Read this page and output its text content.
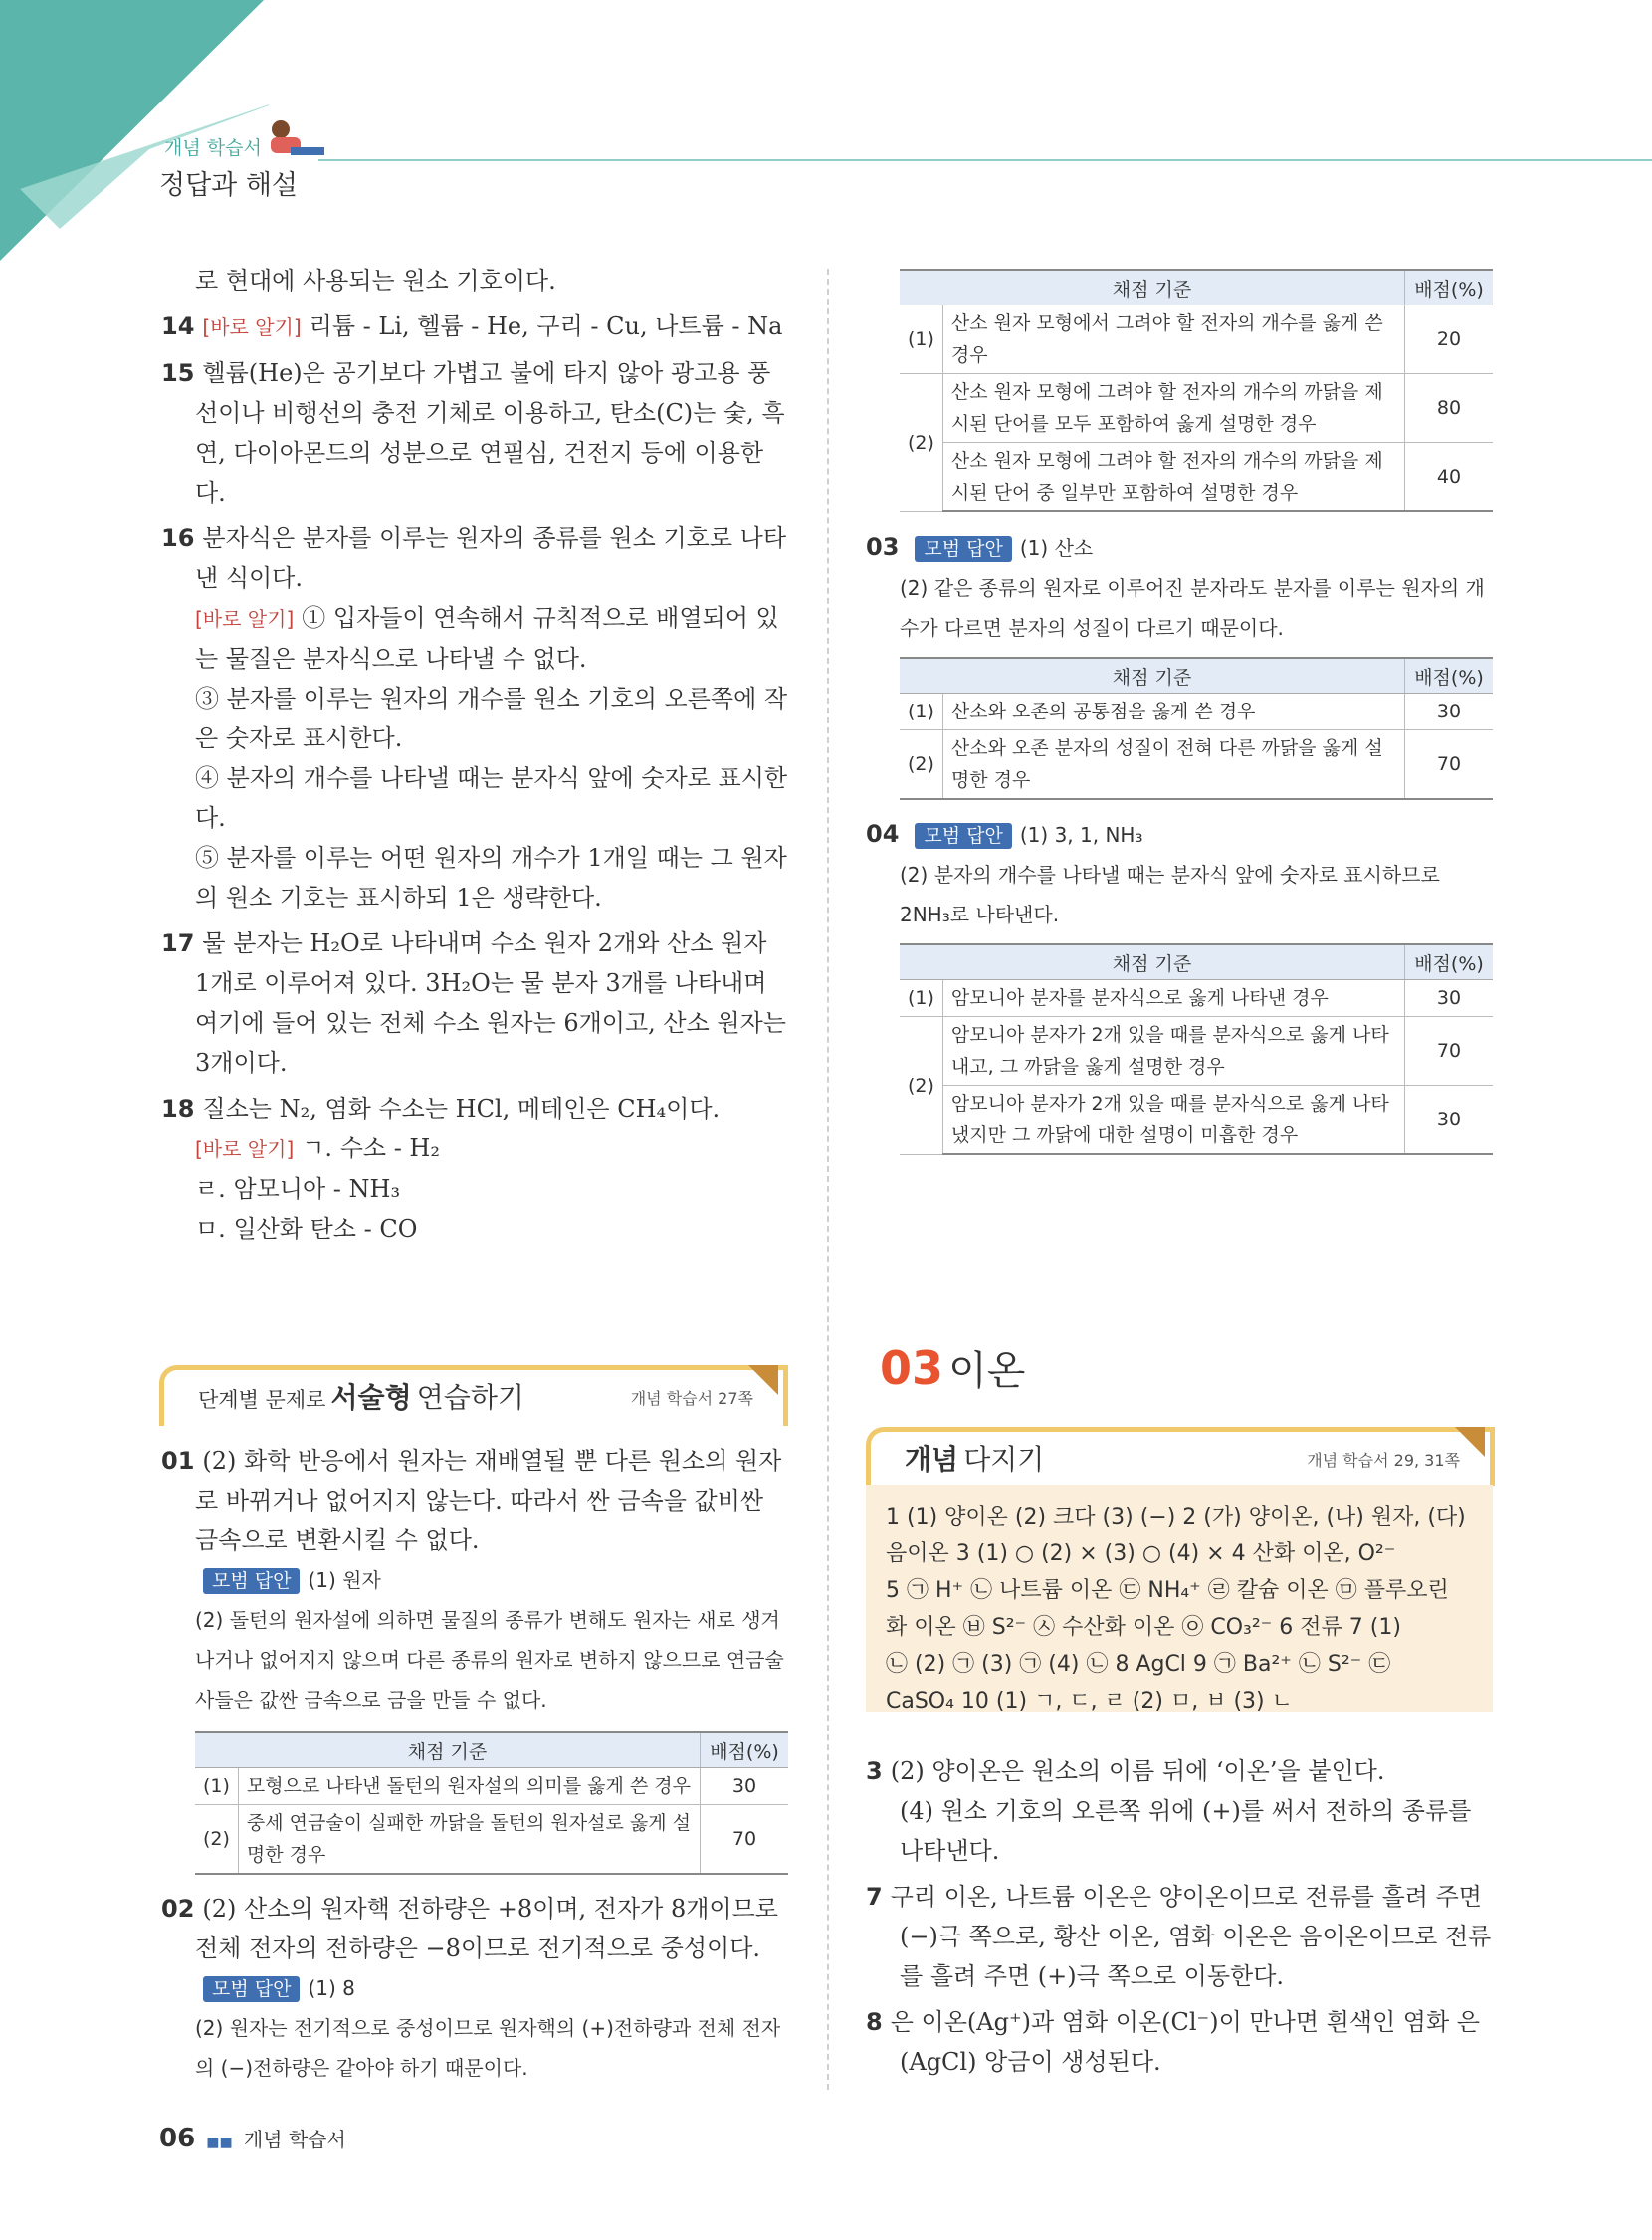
개념 학습서
정답과 해설

로 현대에 사용되는 원소 기호이다.

14 [바로 알기] 리튬 - Li, 헬륨 - He, 구리 - Cu, 나트륨 - Na

15 헬륨(He)은 공기보다 가볍고 불에 타지 않아 광고용 풍선이나 비행선의 충전 기체로 이용하고, 탄소(C)는 숯, 흑연, 다이아몬드의 성분으로 연필심, 건전지 등에 이용한다.

16 분자식은 분자를 이루는 원자의 종류를 원소 기호로 나타낸 식이다.

[바로 알기] ① 입자들이 연속해서 규칙적으로 배열되어 있는 물질은 분자식으로 나타낼 수 없다.

③ 분자를 이루는 원자의 개수를 원소 기호의 오른쪽에 작은 숫자로 표시한다.

④ 분자의 개수를 나타낼 때는 분자식 앞에 숫자로 표시한다.

⑤ 분자를 이루는 어떤 원자의 개수가 1개일 때는 그 원자의 원소 기호는 표시하되 1은 생략한다.

17 물 분자는 H₂O로 나타내며 수소 원자 2개와 산소 원자 1개로 이루어져 있다. 3H₂O는 물 분자 3개를 나타내며 여기에 들어 있는 전체 수소 원자는 6개이고, 산소 원자는 3개이다.

18 질소는 N₂, 염화 수소는 HCl, 메테인은 CH₄이다.

[바로 알기] ㄱ. 수소 - H₂

ㄹ. 암모니아 - NH₃

ㅁ. 일산화 탄소 - CO

단계별 문제로 서술형 연습하기	개념 학습서 27쪽

01 (2) 화학 반응에서 원자는 재배열될 뿐 다른 원소의 원자로 바뀌거나 없어지지 않는다. 따라서 싼 금속을 값비싼 금속으로 변환시킬 수 없다.

모범 답안 (1) 원자

(2) 돌턴의 원자설에 의하면 물질의 종류가 변해도 원자는 새로 생겨나거나 없어지지 않으며 다른 종류의 원자로 변하지 않으므로 연금술사들은 값싼 금속으로 금을 만들 수 없다.

채점 기준		배점(%)
(1)	모형으로 나타낸 돌턴의 원자설의 의미를 옳게 쓴 경우	30
(2)	중세 연금술이 실패한 까닭을 돌턴의 원자설로 옳게 설명한 경우	70

02 (2) 산소의 원자핵 전하량은 +8이며, 전자가 8개이므로 전체 전자의 전하량은 −8이므로 전기적으로 중성이다.

모범 답안 (1) 8

(2) 원자는 전기적으로 중성이므로 원자핵의 (+)전하량과 전체 전자의 (−)전하량은 같아야 하기 때문이다.

채점 기준		배점(%)
(1)	산소 원자 모형에서 그려야 할 전자의 개수를 옳게 쓴 경우	20
(2)	산소 원자 모형에 그려야 할 전자의 개수의 까닭을 제시된 단어를 모두 포함하여 옳게 설명한 경우	80
	산소 원자 모형에 그려야 할 전자의 개수의 까닭을 제시된 단어 중 일부만 포함하여 설명한 경우	40

03 모범 답안 (1) 산소

(2) 같은 종류의 원자로 이루어진 분자라도 분자를 이루는 원자의 개수가 다르면 분자의 성질이 다르기 때문이다.

채점 기준		배점(%)
(1)	산소와 오존의 공통점을 옳게 쓴 경우	30
(2)	산소와 오존 분자의 성질이 전혀 다른 까닭을 옳게 설명한 경우	70

04 모범 답안 (1) 3, 1, NH₃

(2) 분자의 개수를 나타낼 때는 분자식 앞에 숫자로 표시하므로 2NH₃로 나타낸다.

채점 기준		배점(%)
(1)	암모니아 분자를 분자식으로 옳게 나타낸 경우	30
(2)	암모니아 분자가 2개 있을 때를 분자식으로 옳게 나타내고, 그 까닭을 옳게 설명한 경우	70
	암모니아 분자가 2개 있을 때를 분자식으로 옳게 나타냈지만 그 까닭에 대한 설명이 미흡한 경우	30
03 이온
개념 다지기	개념 학습서 29, 31쪽
1 (1) 양이온 (2) 크다 (3) (−) 2 (가) 양이온, (나) 원자, (다)
음이온 3 (1) ○ (2) × (3) ○ (4) × 4 산화 이온, O²⁻
5 ㉠ H⁺ ㉡ 나트륨 이온 ㉢ NH₄⁺ ㉣ 칼슘 이온 ㉤ 플루오린
화 이온 ㉥ S²⁻ ㉦ 수산화 이온 ㉧ CO₃²⁻ 6 전류 7 (1)
㉡ (2) ㉠ (3) ㉠ (4) ㉡ 8 AgCl 9 ㉠ Ba²⁺ ㉡ S²⁻ ㉢
CaSO₄ 10 (1) ㄱ, ㄷ, ㄹ (2) ㅁ, ㅂ (3) ㄴ

3 (2) 양이온은 원소의 이름 뒤에 ‘이온’을 붙인다.

(4) 원소 기호의 오른쪽 위에 (+)를 써서 전하의 종류를 나타낸다.

7 구리 이온, 나트륨 이온은 양이온이므로 전류를 흘려 주면 (−)극 쪽으로, 황산 이온, 염화 이온은 음이온이므로 전류를 흘려 주면 (+)극 쪽으로 이동한다.

8 은 이온(Ag⁺)과 염화 이온(Cl⁻)이 만나면 흰색인 염화 은(AgCl) 앙금이 생성된다.

06 ■■ 개념 학습서
